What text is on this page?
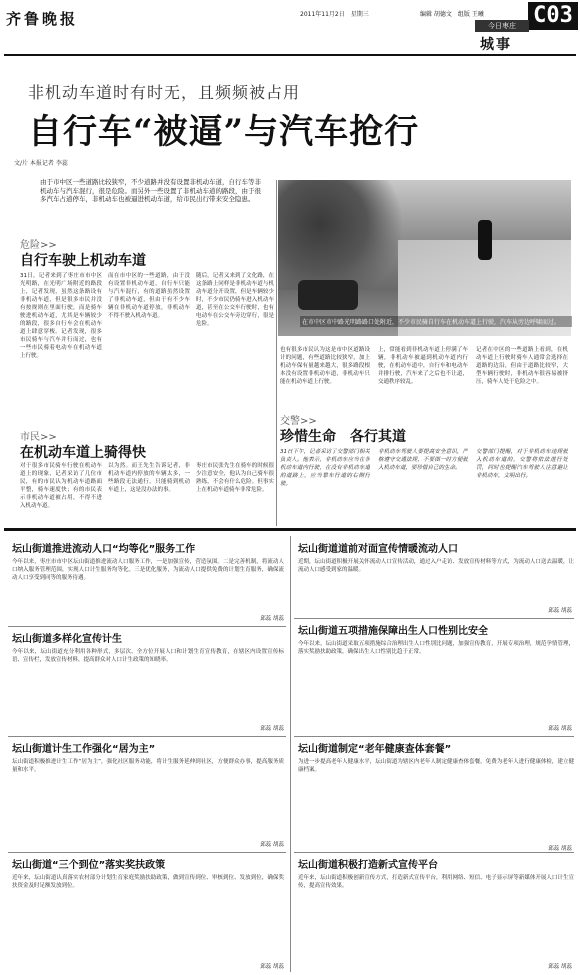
齐鲁晚报	2011年11月2日　星期三	编辑 胡德文　组版 王曦 C03
今日枣庄
城事
非机动车道时有时无，且频频被占用
自行车“被逼”与汽车抢行
文/片 本报记者 李蕊
由于市中区一些道路比较狭窄，不少道路并没有设置非机动车道，自行车等非机动车与汽车混行，很是危险。而另外一些设置了非机动车道的路段，由于很多汽车占道停车，非机动车也被逼进机动车道，给市民出行带来安全隐患。
在市中区市中路光明路路口处附近，不少市民骑自行车在机动车道上行驶，汽车从旁边呼啸而过。
危险>>
自行车驶上机动车道
31日，记者来到了枣庄市市中区光明路，在光明广场附近的路段上，记者发现，虽然这条路设有非机动车道，但是很多市民并没有按规则在里面行驶，而是骑车驶进机动车道，尤其是车辆较少的路段，很多自行车会在机动车道上肆意穿梭。记者发现，很多市民骑车与汽车并行而过，也有一些市民骑着电动车在机动车道上行驶。
而在市中区的一些道路，由于没有设置非机动车道，自行车只能与汽车混行，有的道路虽然设置了非机动车道，但由于有不少车辆在非机动车道停放，非机动车不得不驶入机动车道。
随后，记者又来到了文化路，在这条路上同样是非机动车道与机动车道分开设置，但是车辆较少时，不少市民仍骑车进入机动车道，甚至在公交车行驶时，也有电动车在公交车旁边穿行，很是危险。
也有很多市民认为这是市中区道路设计的问题，有些道路比较狭窄，加上机动车保有量越来越大，很多路段根本没有设置非机动车道，非机动车只能在机动车道上行驶。
上，常能看到非机动车道上停满了车辆，非机动车被逼到机动车道内行驶，在机动车道中，自行车和电动车并排行驶，汽车来了之后也不让道，交通秩序较乱。
记者在中区的一些道路上看到，在机动车道上行驶时骑车人通常会选择在道路的边沿，但由于道路比较窄，大型车辆行驶时，非机动车很容易被挤压，骑车人处于危险之中。
市民>>
在机动车道上骑得快
对于很多市民骑车行驶在机动车道上的现象，记者采访了几位市民，有的市民认为机动车道路面平整，骑车速度快；有的市民表示非机动车道被占用，不得不进入机动车道。
以为然。而王先生告诉记者，非机动车道内停放的车辆太多，一些路段无法通行，只能骑到机动车道上，这是没办法的事。
枣庄市民张先生在骑车的时候很少注意安全，他认为自己骑车很熟练，不会有什么危险。但事实上在机动车道骑车非常危险。
交警>>
珍惜生命　各行其道
31日下午，记者采访了交警部门相关负责人。他表示，非机动车应当在非机动车道内行驶，在没有非机动车道的道路上，应当靠车行道的右侧行驶。
非机动车驾驶人要提高安全意识，严格遵守交通法规，不要图一时方便驶入机动车道，要珍惜自己的生命。
交警部门提醒，对于非机动车违规驶入机动车道的，交警将依法进行处罚，同时也提醒汽车驾驶人注意避让非机动车，文明出行。
坛山街道推进流动人口“均等化”服务工作
今年以来，枣庄市市中区坛山街道推进流动人口服务工作，一是加强宣传，营造氛围。二是完善机制，将流动人口纳入服务管理范围，实现人口计生服务均等化。三是优化服务，为流动人口提供免费的计划生育服务，确保流动人口享受到同等的服务待遇。
邱蕊 胡蕊
坛山街道多样化宣传计生
今年以来，坛山街道充分利用各种形式，多层次、全方位开展人口和计划生育宣传教育，在辖区内设置宣传标语、宣传栏，发放宣传材料，提高群众对人口计生政策的知晓率。
邱蕊 胡蕊
坛山街道计生工作强化“居为主”
坛山街道积极推进计生工作“居为主”，强化社区服务功能，将计生服务延伸到社区，方便群众办事，提高服务质量和水平。
邱蕊 胡蕊
坛山街道“三个到位”落实奖扶政策
近年来，坛山街道认真落实农村部分计划生育家庭奖励扶助政策，做到宣传到位、审核到位、发放到位，确保奖扶资金及时足额发放到位。
邱蕊 胡蕊
坛山街道道前对面宣传情暖流动人口
近期，坛山街道积极开展关怀流动人口宣传活动，通过入户走访、发放宣传材料等方式，为流动人口送去温暖，让流动人口感受到家的温暖。
邱蕊 胡蕊
坛山街道五项措施保障出生人口性别比安全
今年以来，坛山街道采取五项措施综合治理出生人口性别比问题，加强宣传教育，开展专项治理，规范孕情管理，落实奖励扶助政策，确保出生人口性别比趋于正常。
邱蕊 胡蕊
坛山街道制定“老年健康查体套餐”
为进一步提高老年人健康水平，坛山街道为辖区内老年人制定健康查体套餐，免费为老年人进行健康体检，建立健康档案。
邱蕊 胡蕊
坛山街道积极打造新式宣传平台
近年来，坛山街道积极创新宣传方式，打造新式宣传平台，利用网络、短信、电子显示屏等新媒体开展人口计生宣传，提高宣传效果。
邱蕊 胡蕊
